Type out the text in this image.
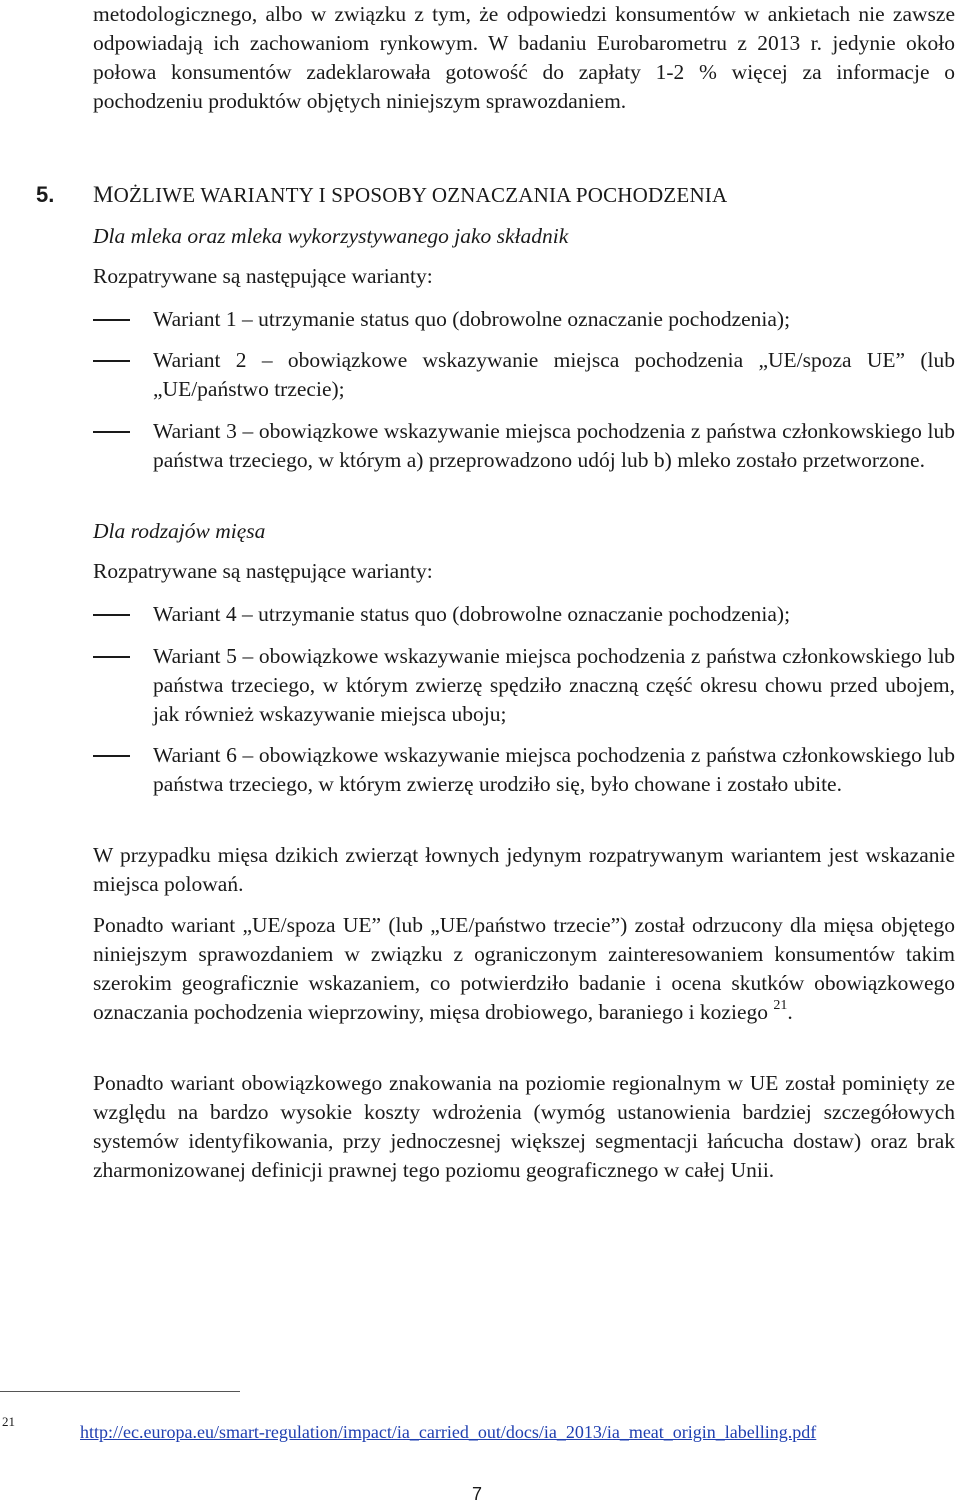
metodologicznego, albo w związku z tym, że odpowiedzi konsumentów w ankietach nie zawsze odpowiadają ich zachowaniom rynkowym. W badaniu Eurobarometru z 2013 r. jedynie około połowa konsumentów zadeklarowała gotowość do zapłaty 1-2 % więcej za informacje o pochodzeniu produktów objętych niniejszym sprawozdaniem.

5. MOŻLIWE WARIANTY I SPOSOBY OZNACZANIA POCHODZENIA

Dla mleka oraz mleka wykorzystywanego jako składnik

Rozpatrywane są następujące warianty:

Wariant 1 – utrzymanie status quo (dobrowolne oznaczanie pochodzenia);
Wariant 2 – obowiązkowe wskazywanie miejsca pochodzenia „UE/spoza UE” (lub „UE/państwo trzecie);
Wariant 3 – obowiązkowe wskazywanie miejsca pochodzenia z państwa członkowskiego lub państwa trzeciego, w którym a) przeprowadzono udój lub b) mleko zostało przetworzone.

Dla rodzajów mięsa

Rozpatrywane są następujące warianty:

Wariant 4 – utrzymanie status quo (dobrowolne oznaczanie pochodzenia);
Wariant 5 – obowiązkowe wskazywanie miejsca pochodzenia z państwa członkowskiego lub państwa trzeciego, w którym zwierzę spędziło znaczną część okresu chowu przed ubojem, jak również wskazywanie miejsca uboju;
Wariant 6 – obowiązkowe wskazywanie miejsca pochodzenia z państwa członkowskiego lub państwa trzeciego, w którym zwierzę urodziło się, było chowane i zostało ubite.

W przypadku mięsa dzikich zwierząt łownych jedynym rozpatrywanym wariantem jest wskazanie miejsca polowań.

Ponadto wariant „UE/spoza UE” (lub „UE/państwo trzecie”) został odrzucony dla mięsa objętego niniejszym sprawozdaniem w związku z ograniczonym zainteresowaniem konsumentów takim szerokim geograficznie wskazaniem, co potwierdziło badanie i ocena skutków obowiązkowego oznaczania pochodzenia wieprzowiny, mięsa drobiowego, baraniego i koziego $^{21}$.

Ponadto wariant obowiązkowego znakowania na poziomie regionalnym w UE został pominięty ze względu na bardzo wysokie koszty wdrożenia (wymóg ustanowienia bardziej szczegółowych systemów identyfikowania, przy jednoczesnej większej segmentacji łańcucha dostaw) oraz brak zharmonizowanej definicji prawnej tego poziomu geograficznego w całej Unii.

21
http://ec.europa.eu/smart-regulation/impact/ia_carried_out/docs/ia_2013/ia_meat_origin_labelling.pdf
7
